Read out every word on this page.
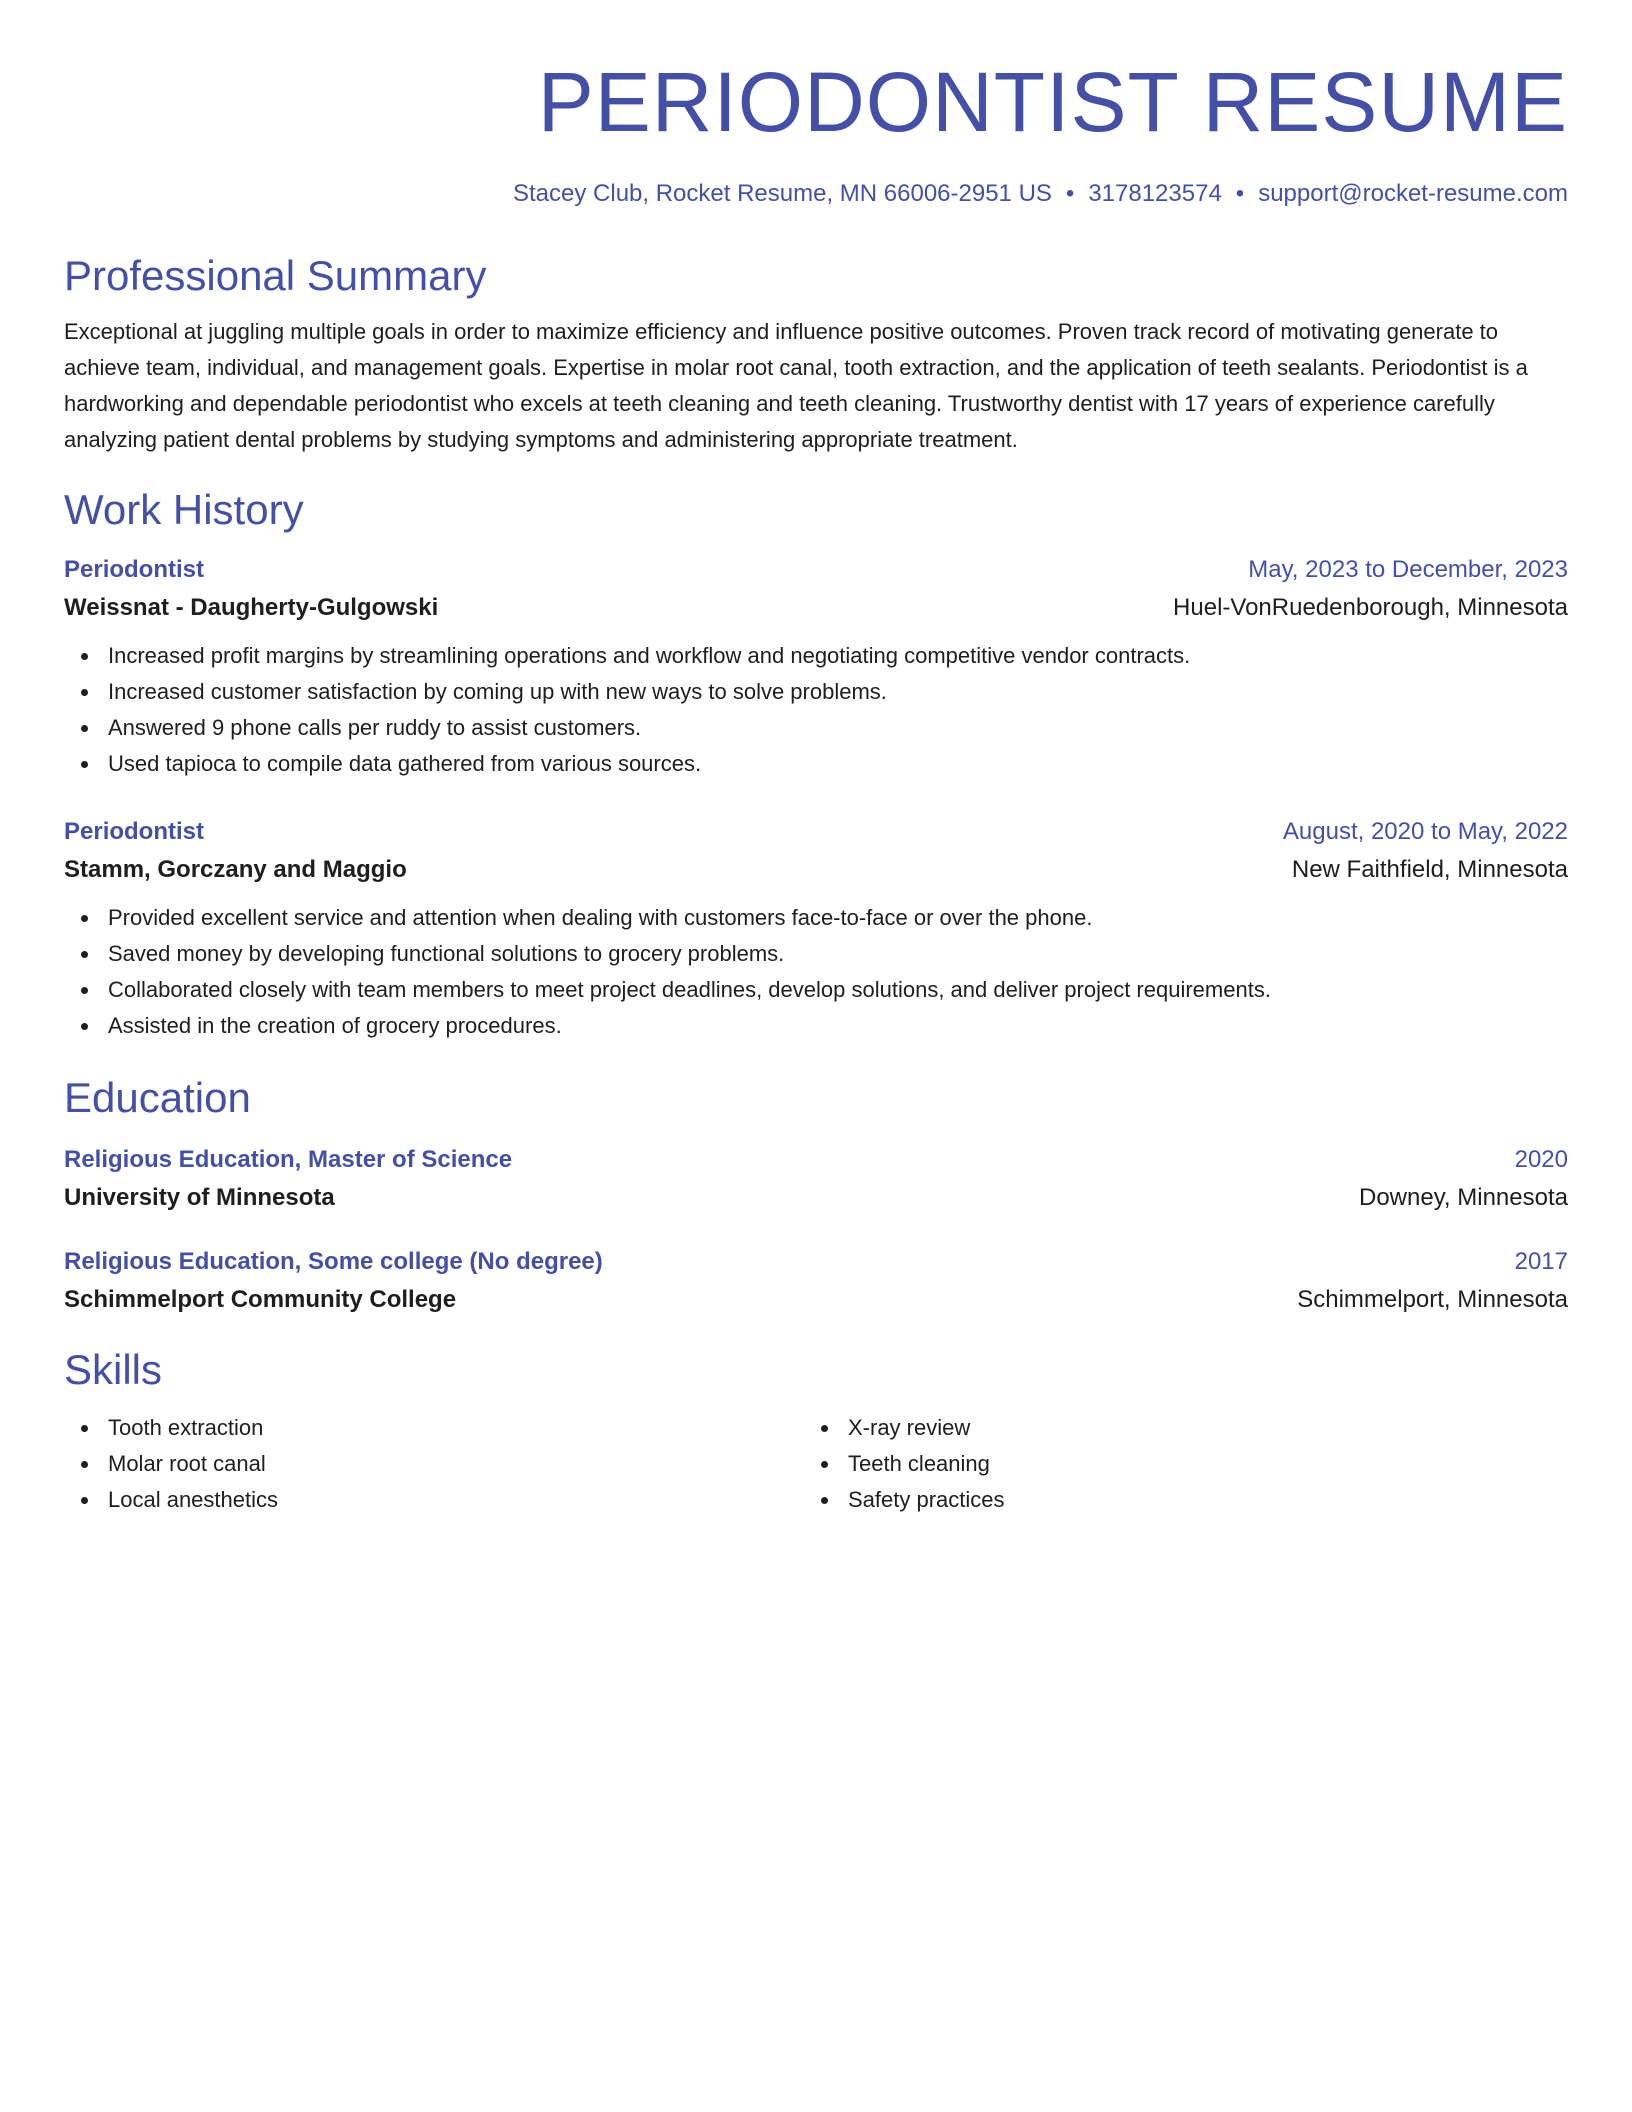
PERIODONTIST RESUME
Stacey Club, Rocket Resume, MN 66006-2951 US • 3178123574 • support@rocket-resume.com
Professional Summary

Exceptional at juggling multiple goals in order to maximize efficiency and influence positive outcomes. Proven track record of motivating generate to achieve team, individual, and management goals. Expertise in molar root canal, tooth extraction, and the application of teeth sealants. Periodontist is a hardworking and dependable periodontist who excels at teeth cleaning and teeth cleaning. Trustworthy dentist with 17 years of experience carefully analyzing patient dental problems by studying symptoms and administering appropriate treatment.

Work History
Periodontist	May, 2023 to December, 2023
Weissnat - Daugherty-Gulgowski	Huel-VonRuedenborough, Minnesota
Increased profit margins by streamlining operations and workflow and negotiating competitive vendor contracts.
Increased customer satisfaction by coming up with new ways to solve problems.
Answered 9 phone calls per ruddy to assist customers.
Used tapioca to compile data gathered from various sources.
Periodontist	August, 2020 to May, 2022
Stamm, Gorczany and Maggio	New Faithfield, Minnesota
Provided excellent service and attention when dealing with customers face-to-face or over the phone.
Saved money by developing functional solutions to grocery problems.
Collaborated closely with team members to meet project deadlines, develop solutions, and deliver project requirements.
Assisted in the creation of grocery procedures.
Education
Religious Education, Master of Science	2020
University of Minnesota	Downey, Minnesota
Religious Education, Some college (No degree)	2017
Schimmelport Community College	Schimmelport, Minnesota
Skills
Tooth extraction
Molar root canal
Local anesthetics
X-ray review
Teeth cleaning
Safety practices
